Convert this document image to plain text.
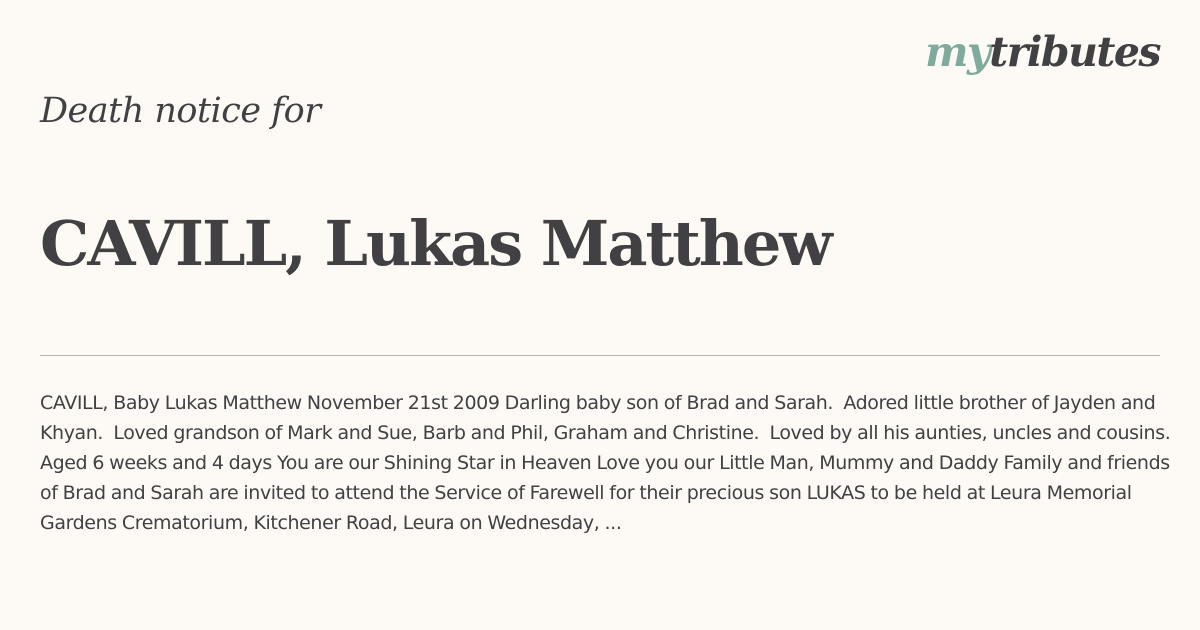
mytributes
Death notice for
CAVILL, Lukas Matthew
CAVILL, Baby Lukas Matthew November 21st 2009 Darling baby son of Brad and Sarah.  Adored little brother of Jayden and Khyan.  Loved grandson of Mark and Sue, Barb and Phil, Graham and Christine.  Loved by all his aunties, uncles and cousins.  Aged 6 weeks and 4 days You are our Shining Star in Heaven Love you our Little Man, Mummy and Daddy Family and friends of Brad and Sarah are invited to attend the Service of Farewell for their precious son LUKAS to be held at Leura Memorial Gardens Crematorium, Kitchener Road, Leura on Wednesday, ...
